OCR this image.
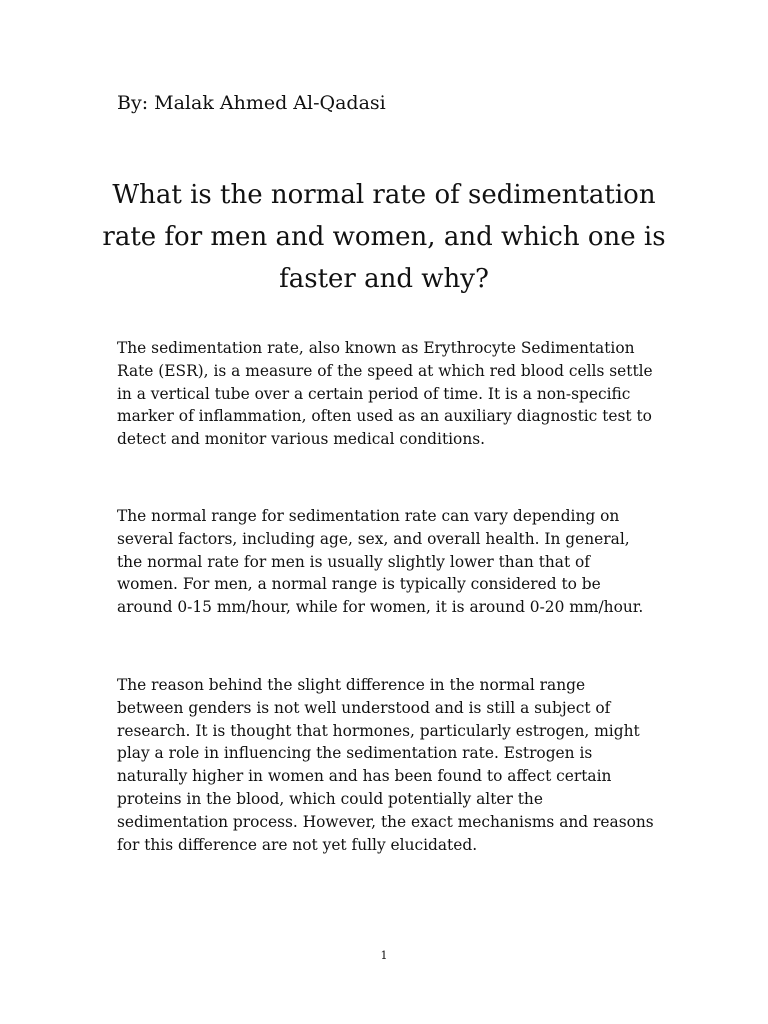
By: Malak Ahmed Al-Qadasi
What is the normal rate of sedimentation rate for men and women, and which one is faster and why?

The sedimentation rate, also known as Erythrocyte Sedimentation Rate (ESR), is a measure of the speed at which red blood cells settle in a vertical tube over a certain period of time. It is a non-specific marker of inflammation, often used as an auxiliary diagnostic test to detect and monitor various medical conditions.

The normal range for sedimentation rate can vary depending on several factors, including age, sex, and overall health. In general, the normal rate for men is usually slightly lower than that of women. For men, a normal range is typically considered to be around 0-15 mm/hour, while for women, it is around 0-20 mm/hour.

The reason behind the slight difference in the normal range between genders is not well understood and is still a subject of research. It is thought that hormones, particularly estrogen, might play a role in influencing the sedimentation rate. Estrogen is naturally higher in women and has been found to affect certain proteins in the blood, which could potentially alter the sedimentation process. However, the exact mechanisms and reasons for this difference are not yet fully elucidated.

1
